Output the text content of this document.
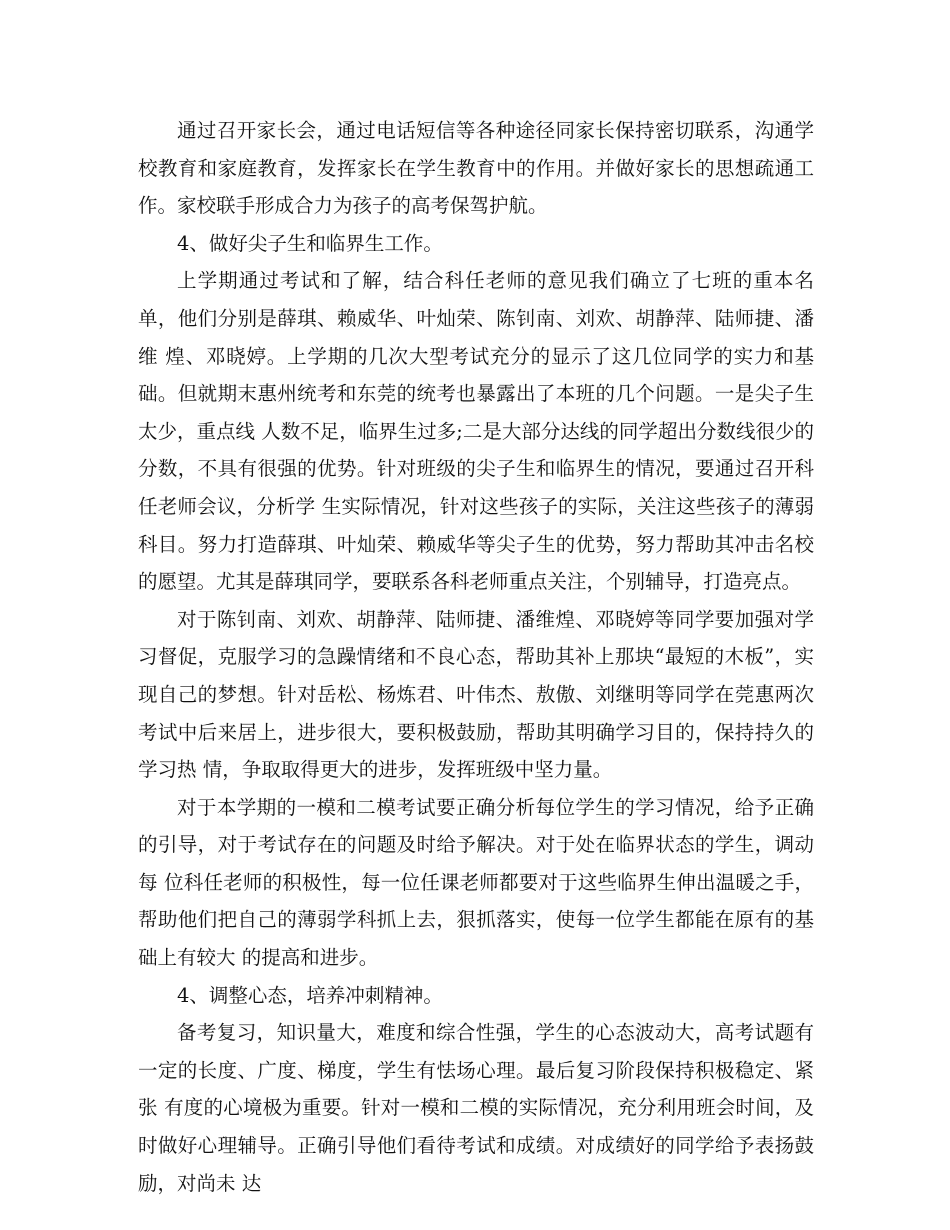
通过召开家长会，通过电话短信等各种途径同家长保持密切联系，沟通学校教育和家庭教育，发挥家长在学生教育中的作用。并做好家长的思想疏通工作。家校联手形成合力为孩子的高考保驾护航。

4、做好尖子生和临界生工作。

上学期通过考试和了解，结合科任老师的意见我们确立了七班的重本名单，他们分别是薛琪、赖威华、叶灿荣、陈钊南、刘欢、胡静萍、陆师捷、潘维 煌、邓晓婷。上学期的几次大型考试充分的显示了这几位同学的实力和基础。但就期末惠州统考和东莞的统考也暴露出了本班的几个问题。一是尖子生太少，重点线 人数不足，临界生过多;二是大部分达线的同学超出分数线很少的分数，不具有很强的优势。针对班级的尖子生和临界生的情况，要通过召开科任老师会议，分析学 生实际情况，针对这些孩子的实际，关注这些孩子的薄弱科目。努力打造薛琪、叶灿荣、赖威华等尖子生的优势，努力帮助其冲击名校的愿望。尤其是薛琪同学，要联系各科老师重点关注，个别辅导，打造亮点。

对于陈钊南、刘欢、胡静萍、陆师捷、潘维煌、邓晓婷等同学要加强对学习督促，克服学习的急躁情绪和不良心态，帮助其补上那块“最短的木板”，实 现自己的梦想。针对岳松、杨炼君、叶伟杰、敖傲、刘继明等同学在莞惠两次考试中后来居上，进步很大，要积极鼓励，帮助其明确学习目的，保持持久的学习热 情，争取取得更大的进步，发挥班级中坚力量。

对于本学期的一模和二模考试要正确分析每位学生的学习情况，给予正确的引导，对于考试存在的问题及时给予解决。对于处在临界状态的学生，调动每 位科任老师的积极性，每一位任课老师都要对于这些临界生伸出温暖之手，帮助他们把自己的薄弱学科抓上去，狠抓落实，使每一位学生都能在原有的基础上有较大 的提高和进步。

4、调整心态，培养冲刺精神。

备考复习，知识量大，难度和综合性强，学生的心态波动大，高考试题有一定的长度、广度、梯度，学生有怯场心理。最后复习阶段保持积极稳定、紧张 有度的心境极为重要。针对一模和二模的实际情况，充分利用班会时间，及时做好心理辅导。正确引导他们看待考试和成绩。对成绩好的同学给予表扬鼓励，对尚未 达
